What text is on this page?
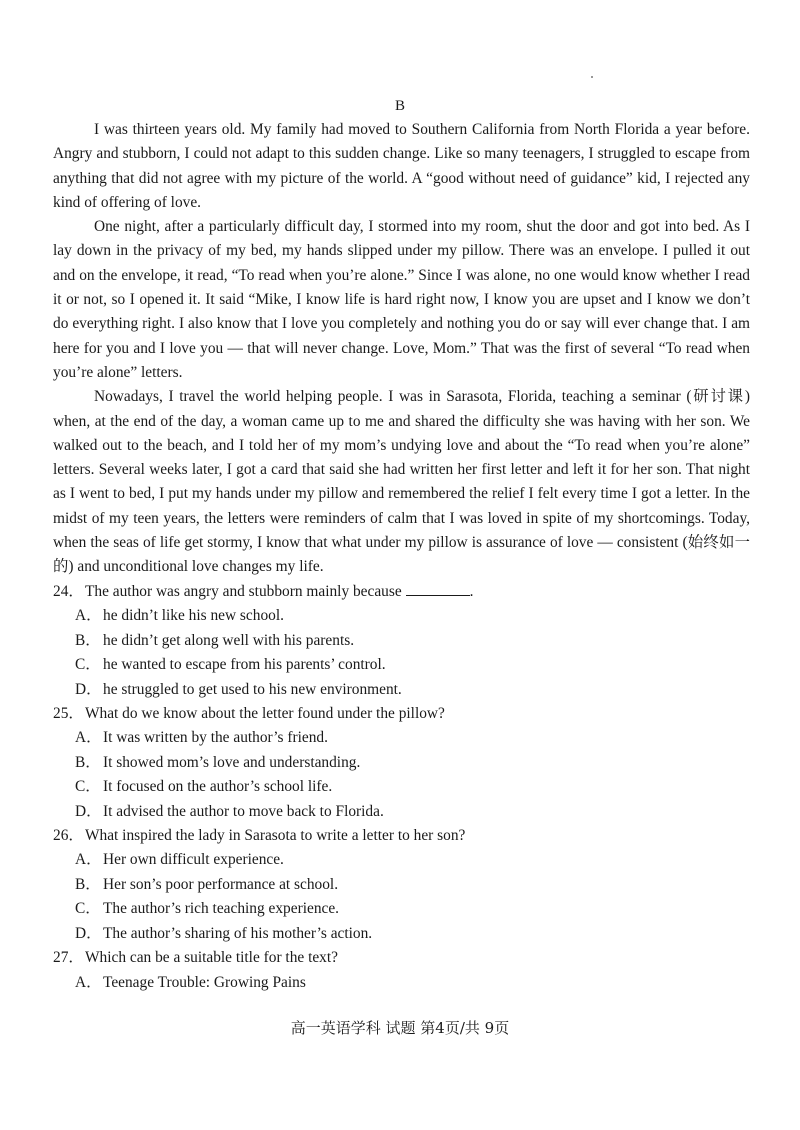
B

I was thirteen years old. My family had moved to Southern California from North Florida a year before. Angry and stubborn, I could not adapt to this sudden change. Like so many teenagers, I struggled to escape from anything that did not agree with my picture of the world. A “good without need of guidance” kid, I rejected any kind of offering of love.

One night, after a particularly difficult day, I stormed into my room, shut the door and got into bed. As I lay down in the privacy of my bed, my hands slipped under my pillow. There was an envelope. I pulled it out and on the envelope, it read, “To read when you’re alone.” Since I was alone, no one would know whether I read it or not, so I opened it. It said “Mike, I know life is hard right now, I know you are upset and I know we don’t do everything right. I also know that I love you completely and nothing you do or say will ever change that. I am here for you and I love you — that will never change. Love, Mom.” That was the first of several “To read when you’re alone” letters.

Nowadays, I travel the world helping people. I was in Sarasota, Florida, teaching a seminar (研讨课) when, at the end of the day, a woman came up to me and shared the difficulty she was having with her son. We walked out to the beach, and I told her of my mom’s undying love and about the “To read when you’re alone” letters. Several weeks later, I got a card that said she had written her first letter and left it for her son. That night as I went to bed, I put my hands under my pillow and remembered the relief I felt every time I got a letter. In the midst of my teen years, the letters were reminders of calm that I was loved in spite of my shortcomings. Today, when the seas of life get stormy, I know that what under my pillow is assurance of love — consistent (始终如一的) and unconditional love changes my life.

24．The author was angry and stubborn mainly because	.
A．he didn’t like his new school.
B． he didn’t get along well with his parents.
C． he wanted to escape from his parents’ control.
D．he struggled to get used to his new environment.
25．What do we know about the letter found under the pillow?
A．It was written by the author’s friend.
B． It showed mom’s love and understanding.
C． It focused on the author’s school life.
D．It advised the author to move back to Florida.
26．What inspired the lady in Sarasota to write a letter to her son?
A．Her own difficult experience.
B． Her son’s poor performance at school.
C． The author’s rich teaching experience.
D．The author’s sharing of his mother’s action.
27．Which can be a suitable title for the text?
A．Teenage Trouble: Growing Pains
高一英语学科 试题 第4页/共 9页
